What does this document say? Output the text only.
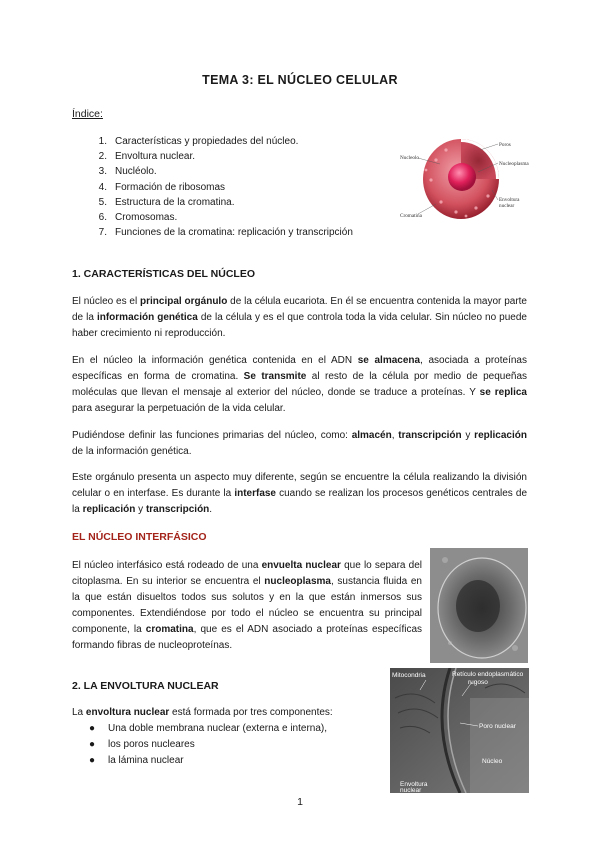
TEMA 3: EL NÚCLEO CELULAR
Índice:
1. Características y propiedades del núcleo.
2. Envoltura nuclear.
3. Nucléolo.
4. Formación de ribosomas
5. Estructura de la cromatina.
6. Cromosomas.
7. Funciones de la cromatina: replicación y transcripción
Poros
Nucleolo
Nucleoplasma
Envoltura
nuclear
Cromatina
1. CARACTERÍSTICAS DEL NÚCLEO

El núcleo es el principal orgánulo de la célula eucariota. En él se encuentra contenida la mayor parte de la información genética de la célula y es el que controla toda la vida celular. Sin núcleo no puede haber crecimiento ni reproducción.

En el núcleo la información genética contenida en el ADN se almacena, asociada a proteínas específicas en forma de cromatina. Se transmite al resto de la célula por medio de pequeñas moléculas que llevan el mensaje al exterior del núcleo, donde se traduce a proteínas. Y se replica para asegurar la perpetuación de la vida celular.

Pudiéndose definir las funciones primarias del núcleo, como: almacén, transcripción y replicación de la información genética.

Este orgánulo presenta un aspecto muy diferente, según se encuentre la célula realizando la división celular o en interfase. Es durante la interfase cuando se realizan los procesos genéticos centrales de la replicación y transcripción.

EL NÚCLEO INTERFÁSICO

El núcleo interfásico está rodeado de una envuelta nuclear que lo separa del citoplasma. En su interior se encuentra el nucleoplasma, sustancia fluida en la que están disueltos todos sus solutos y en la que están inmersos sus componentes. Extendiéndose por todo el núcleo se encuentra su principal componente, la cromatina, que es el ADN asociado a proteínas específicas formando fibras de nucleoproteínas.

2. LA ENVOLTURA NUCLEAR

La envoltura nuclear está formada por tres componentes:

● Una doble membrana nuclear (externa e interna),
● los poros nucleares
● la lámina nuclear
Mitocondria	Retículo endoplasmático
rugoso
Poro nuclear
Núcleo
Envoltura
nuclear
1
